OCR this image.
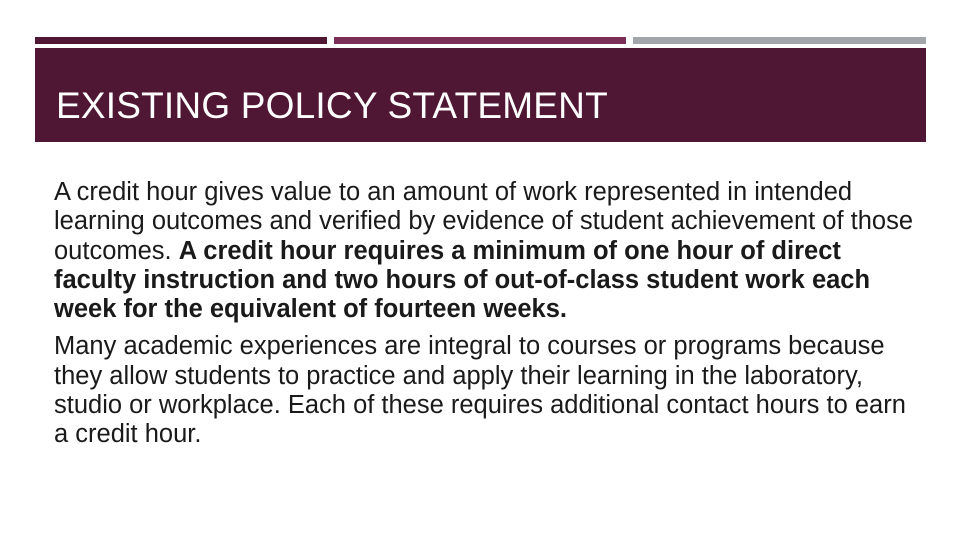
EXISTING POLICY STATEMENT

A credit hour gives value to an amount of work represented in intended learning outcomes and verified by evidence of student achievement of those outcomes. A credit hour requires a minimum of one hour of direct faculty instruction and two hours of out-of-class student work each week for the equivalent of fourteen weeks.

Many academic experiences are integral to courses or programs because they allow students to practice and apply their learning in the laboratory, studio or workplace. Each of these requires additional contact hours to earn a credit hour.
